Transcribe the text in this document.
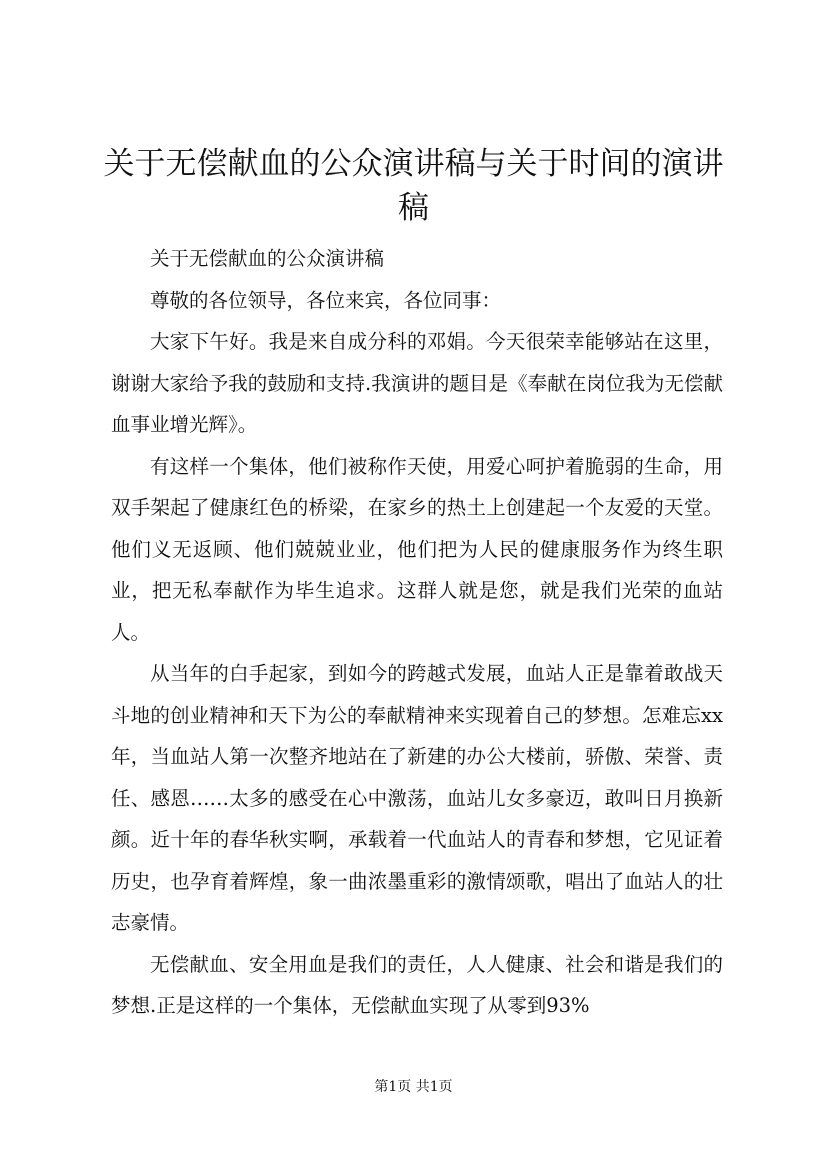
关于无偿献血的公众演讲稿与关于时间的演讲稿

关于无偿献血的公众演讲稿

尊敬的各位领导，各位来宾，各位同事：

大家下午好。我是来自成分科的邓娟。今天很荣幸能够站在这里，谢谢大家给予我的鼓励和支持.我演讲的题目是《奉献在岗位我为无偿献血事业增光辉》。

有这样一个集体，他们被称作天使，用爱心呵护着脆弱的生命，用双手架起了健康红色的桥梁，在家乡的热土上创建起一个友爱的天堂。他们义无返顾、他们兢兢业业，他们把为人民的健康服务作为终生职业，把无私奉献作为毕生追求。这群人就是您，就是我们光荣的血站人。

从当年的白手起家，到如今的跨越式发展，血站人正是靠着敢战天斗地的创业精神和天下为公的奉献精神来实现着自己的梦想。怎难忘xx年，当血站人第一次整齐地站在了新建的办公大楼前，骄傲、荣誉、责任、感恩……太多的感受在心中激荡，血站儿女多豪迈，敢叫日月换新颜。近十年的春华秋实啊，承载着一代血站人的青春和梦想，它见证着历史，也孕育着辉煌，象一曲浓墨重彩的激情颂歌，唱出了血站人的壮志豪情。

无偿献血、安全用血是我们的责任，人人健康、社会和谐是我们的梦想.正是这样的一个集体，无偿献血实现了从零到93%

第1页 共1页
